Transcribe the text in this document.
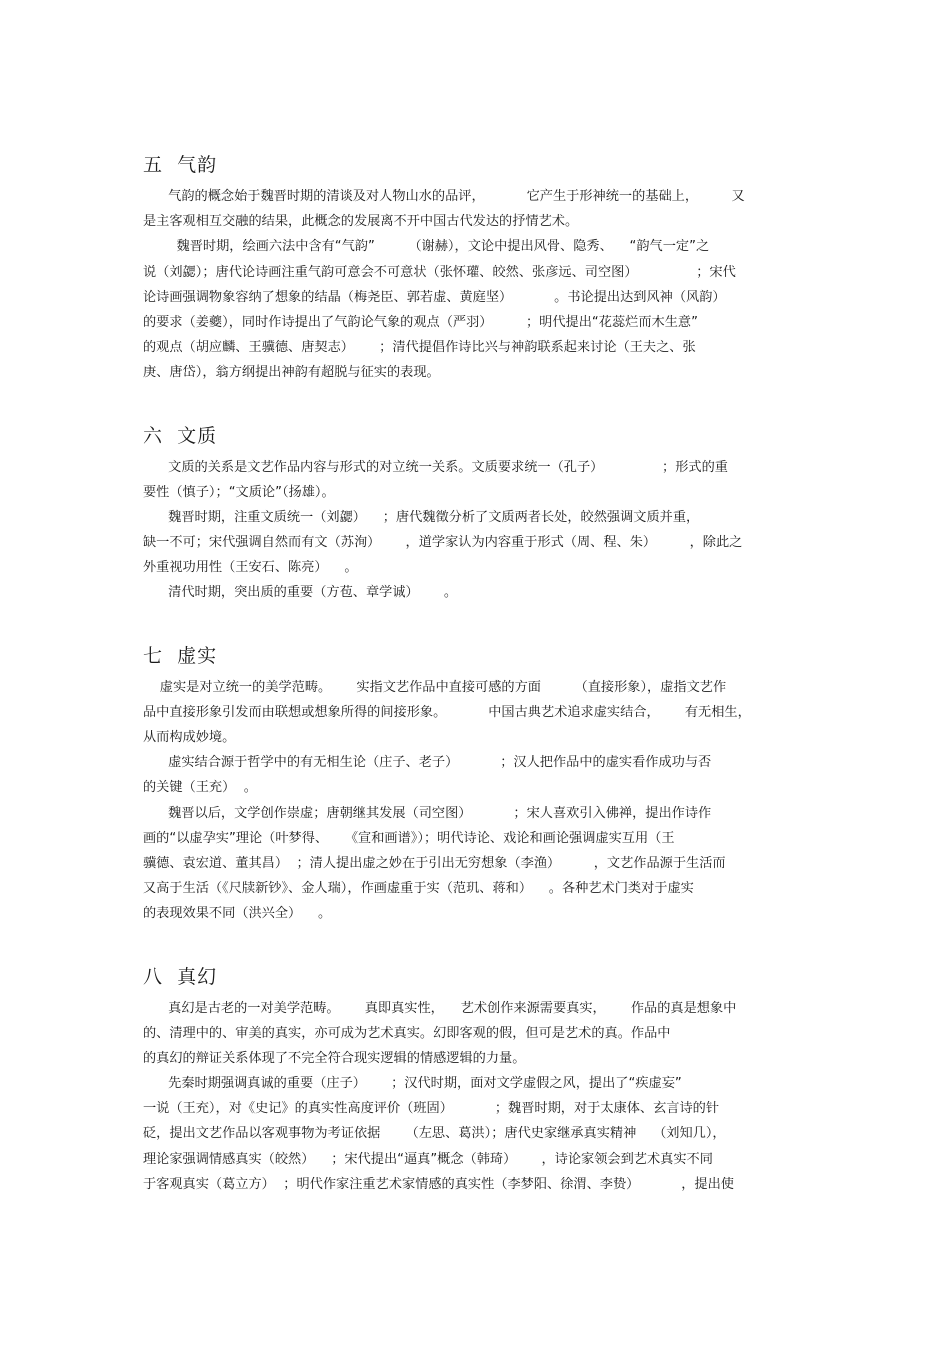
五  气韵
气韵的概念始于魏晋时期的清谈及对人物山水的品评，          它产生于形神统一的基础上，        又
是主客观相互交融的结果，此概念的发展离不开中国古代发达的抒情艺术。
魏晋时期，绘画六法中含有“气韵”        （谢赫），文论中提出风骨、隐秀、    “韵气一定”之
说（刘勰）；唐代论诗画注重气韵可意会不可意状（张怀瓘、皎然、张彦远、司空图）              ；宋代
论诗画强调物象容纳了想象的结晶（梅尧臣、郭若虚、黄庭坚）          。书论提出达到风神（风韵）
的要求（姜夔），同时作诗提出了气韵论气象的观点（严羽）        ；明代提出“花蕊烂而木生意”
的观点（胡应麟、王骥德、唐契志）      ；清代提倡作诗比兴与神韵联系起来讨论（王夫之、张
庚、唐岱），翁方纲提出神韵有超脱与征实的表现。
六  文质
文质的关系是文艺作品内容与形式的对立统一关系。文质要求统一（孔子）              ；形式的重
要性（慎子）；“文质论”（扬雄）。
魏晋时期，注重文质统一（刘勰）    ；唐代魏徵分析了文质两者长处，皎然强调文质并重，
缺一不可；宋代强调自然而有文（苏洵）      ，道学家认为内容重于形式（周、程、朱）        ，除此之
外重视功用性（王安石、陈亮）    。
清代时期，突出质的重要（方苞、章学诚）      。
七  虚实
虚实是对立统一的美学范畴。      实指文艺作品中直接可感的方面        （直接形象），虚指文艺作
品中直接形象引发而由联想或想象所得的间接形象。          中国古典艺术追求虚实结合，      有无相生，
从而构成妙境。
虚实结合源于哲学中的有无相生论（庄子、老子）          ；汉人把作品中的虚实看作成功与否
的关键（王充）  。
魏晋以后，文学创作崇虚；唐朝继其发展（司空图）          ；宋人喜欢引入佛禅，提出作诗作
画的“以虚孕实”理论（叶梦得、    《宣和画谱》）；明代诗论、戏论和画论强调虚实互用（王
骥德、袁宏道、董其昌）  ；清人提出虚之妙在于引出无穷想象（李渔）        ，文艺作品源于生活而
又高于生活（《尺牍新钞》、金人瑞），作画虚重于实（范玑、蒋和）    。各种艺术门类对于虚实
的表现效果不同（洪兴全）    。
八  真幻
真幻是古老的一对美学范畴。      真即真实性，    艺术创作来源需要真实，      作品的真是想象中
的、清理中的、审美的真实，亦可成为艺术真实。幻即客观的假，但可是艺术的真。作品中
的真幻的辩证关系体现了不完全符合现实逻辑的情感逻辑的力量。
先秦时期强调真诚的重要（庄子）      ；汉代时期，面对文学虚假之风，提出了“疾虚妄”
一说（王充），对《史记》的真实性高度评价（班固）          ；魏晋时期，对于太康体、玄言诗的针
砭，提出文艺作品以客观事物为考证依据      （左思、葛洪）；唐代史家继承真实精神    （刘知几），
理论家强调情感真实（皎然）    ；宋代提出“逼真”概念（韩琦）      ，诗论家领会到艺术真实不同
于客观真实（葛立方）  ；明代作家注重艺术家情感的真实性（李梦阳、徐渭、李贽）          ，提出使
